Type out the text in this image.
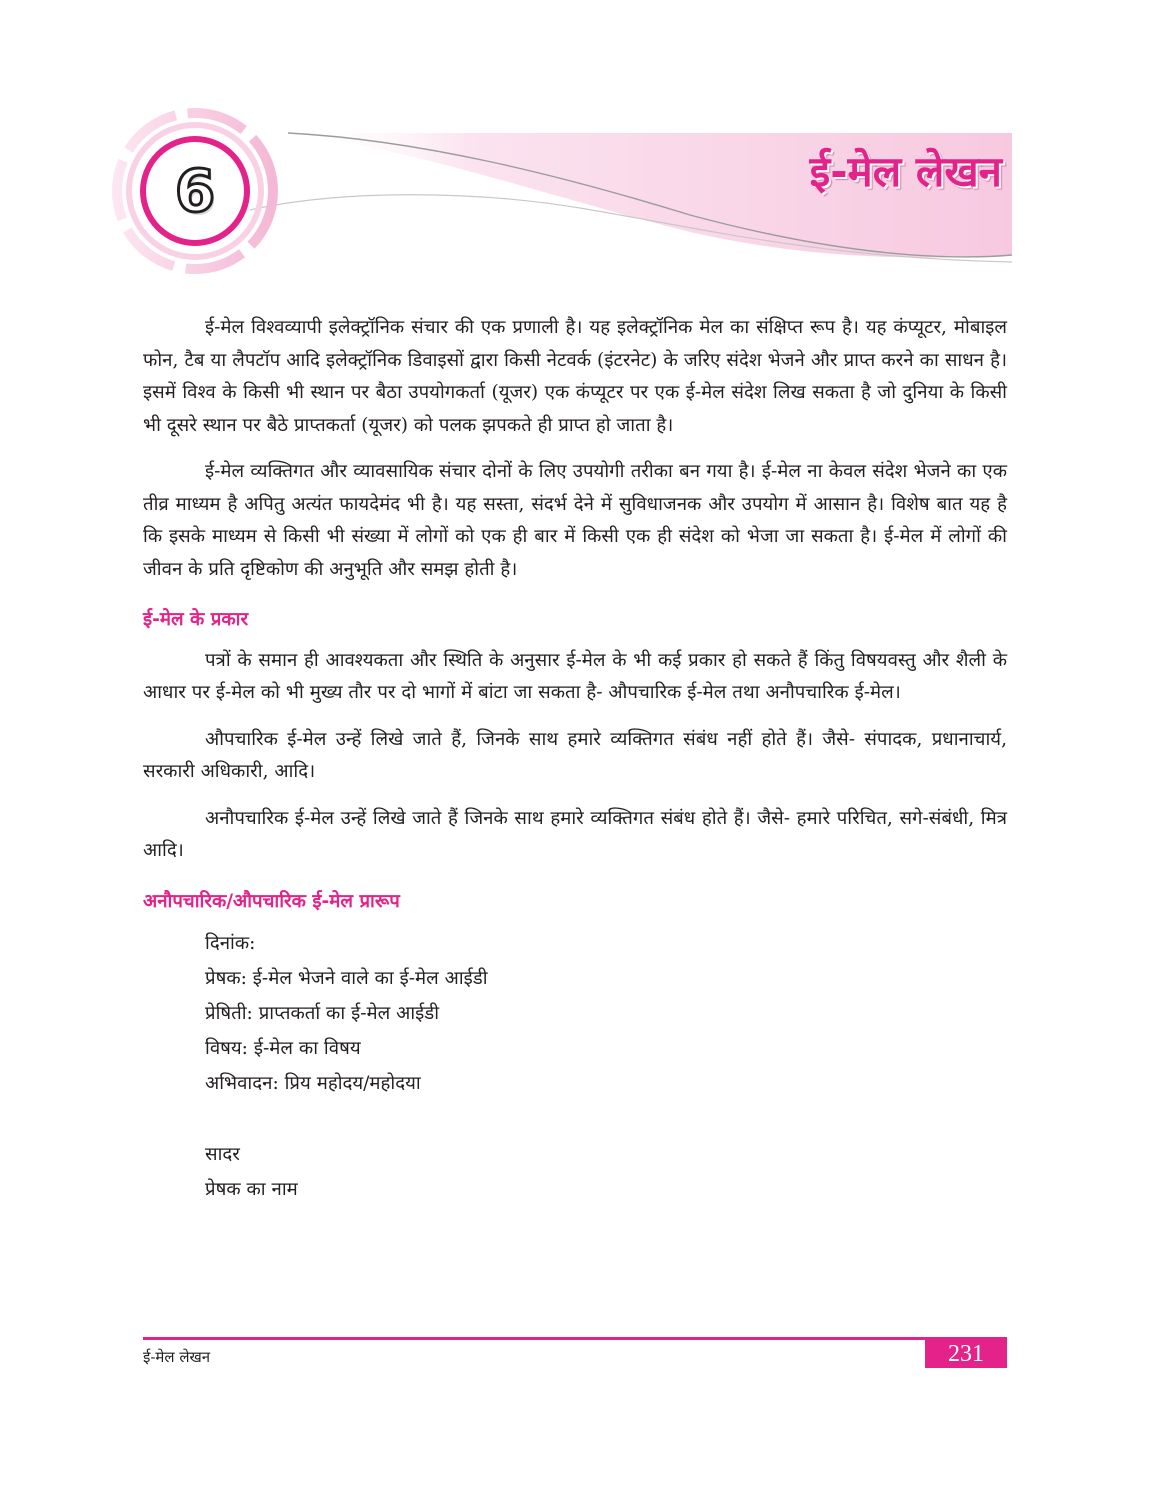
6	ई-मेल लेखन

ई-मेल विश्वव्यापी इलेक्ट्रॉनिक संचार की एक प्रणाली है। यह इलेक्ट्रॉनिक मेल का संक्षिप्त रूप है। यह कंप्यूटर, मोबाइल फोन, टैब या लैपटॉप आदि इलेक्ट्रॉनिक डिवाइसों द्वारा किसी नेटवर्क (इंटरनेट) के जरिए संदेश भेजने और प्राप्त करने का साधन है। इसमें विश्व के किसी भी स्थान पर बैठा उपयोगकर्ता (यूजर) एक कंप्यूटर पर एक ई-मेल संदेश लिख सकता है जो दुनिया के किसी भी दूसरे स्थान पर बैठे प्राप्तकर्ता (यूजर) को पलक झपकते ही प्राप्त हो जाता है।

ई-मेल व्यक्तिगत और व्यावसायिक संचार दोनों के लिए उपयोगी तरीका बन गया है। ई-मेल ना केवल संदेश भेजने का एक तीव्र माध्यम है अपितु अत्यंत फायदेमंद भी है। यह सस्ता, संदर्भ देने में सुविधाजनक और उपयोग में आसान है। विशेष बात यह है कि इसके माध्यम से किसी भी संख्या में लोगों को एक ही बार में किसी एक ही संदेश को भेजा जा सकता है। ई-मेल में लोगों की जीवन के प्रति दृष्टिकोण की अनुभूति और समझ होती है।

ई-मेल के प्रकार

पत्रों के समान ही आवश्यकता और स्थिति के अनुसार ई-मेल के भी कई प्रकार हो सकते हैं किंतु विषयवस्तु और शैली के आधार पर ई-मेल को भी मुख्य तौर पर दो भागों में बांटा जा सकता है- औपचारिक ई-मेल तथा अनौपचारिक ई-मेल।

औपचारिक ई-मेल उन्हें लिखे जाते हैं, जिनके साथ हमारे व्यक्तिगत संबंध नहीं होते हैं। जैसे- संपादक, प्रधानाचार्य, सरकारी अधिकारी, आदि।

अनौपचारिक ई-मेल उन्हें लिखे जाते हैं जिनके साथ हमारे व्यक्तिगत संबंध होते हैं। जैसे- हमारे परिचित, सगे-संबंधी, मित्र आदि।

अनौपचारिक/औपचारिक ई-मेल प्रारूप
दिनांक:
प्रेषक: ई-मेल भेजने वाले का ई-मेल आईडी
प्रेषिती: प्राप्तकर्ता का ई-मेल आईडी
विषय: ई-मेल का विषय
अभिवादन: प्रिय महोदय/महोदया
सादर
प्रेषक का नाम
ई-मेल लेखन	231
